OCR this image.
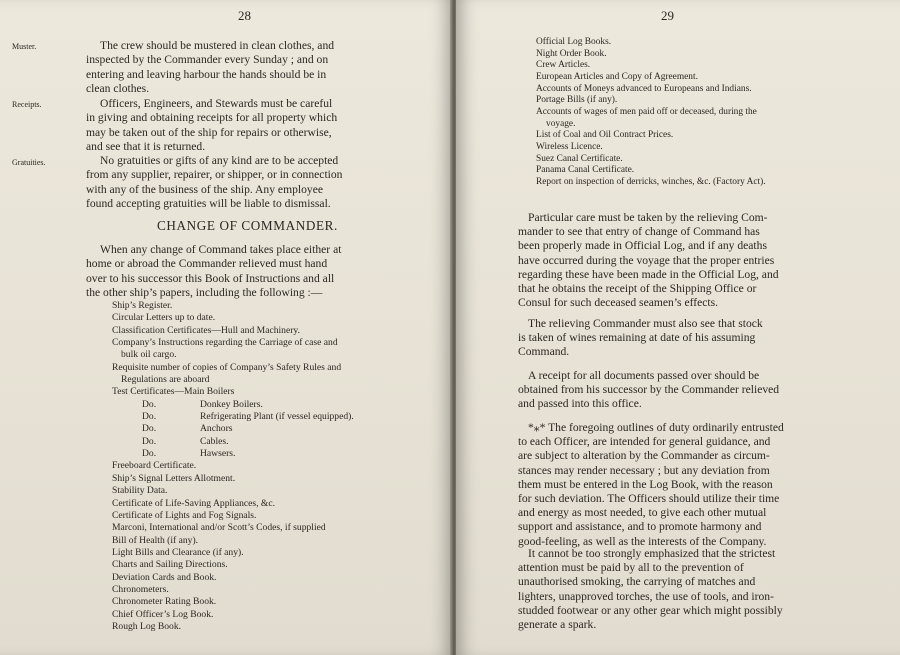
28
Muster.
Receipts.
Gratuities.
The crew should be mustered in clean clothes, and
inspected by the Commander every Sunday ; and on
entering and leaving harbour the hands should be in
clean clothes.
Officers, Engineers, and Stewards must be careful
in giving and obtaining receipts for all property which
may be taken out of the ship for repairs or otherwise,
and see that it is returned.
No gratuities or gifts of any kind are to be accepted
from any supplier, repairer, or shipper, or in connection
with any of the business of the ship. Any employee
found accepting gratuities will be liable to dismissal.
CHANGE OF COMMANDER.
When any change of Command takes place either at
home or abroad the Commander relieved must hand
over to his successor this Book of Instructions and all
the other ship’s papers, including the following :—
Ship’s Register.
Circular Letters up to date.
Classification Certificates—Hull and Machinery.
Company’s Instructions regarding the Carriage of case and
bulk oil cargo.
Requisite number of copies of Company’s Safety Rules and
Regulations are aboard
Test Certificates—Main Boilers
Do.	Donkey Boilers.
Do.	Refrigerating Plant (if vessel equipped).
Do.	Anchors
Do.	Cables.
Do.	Hawsers.
Freeboard Certificate.
Ship’s Signal Letters Allotment.
Stability Data.
Certificate of Life-Saving Appliances, &c.
Certificate of Lights and Fog Signals.
Marconi, International and/or Scott’s Codes, if supplied
Bill of Health (if any).
Light Bills and Clearance (if any).
Charts and Sailing Directions.
Deviation Cards and Book.
Chronometers.
Chronometer Rating Book.
Chief Officer’s Log Book.
Rough Log Book.
29
Official Log Books.
Night Order Book.
Crew Articles.
European Articles and Copy of Agreement.
Accounts of Moneys advanced to Europeans and Indians.
Portage Bills (if any).
Accounts of wages of men paid off or deceased, during the
voyage.
List of Coal and Oil Contract Prices.
Wireless Licence.
Suez Canal Certificate.
Panama Canal Certificate.
Report on inspection of derricks, winches, &c. (Factory Act).
Particular care must be taken by the relieving Com-
mander to see that entry of change of Command has
been properly made in Official Log, and if any deaths
have occurred during the voyage that the proper entries
regarding these have been made in the Official Log, and
that he obtains the receipt of the Shipping Office or
Consul for such deceased seamen’s effects.
The relieving Commander must also see that stock
is taken of wines remaining at date of his assuming
Command.
A receipt for all documents passed over should be
obtained from his successor by the Commander relieved
and passed into this office.
*⁎* The foregoing outlines of duty ordinarily entrusted
to each Officer, are intended for general guidance, and
are subject to alteration by the Commander as circum-
stances may render necessary ; but any deviation from
them must be entered in the Log Book, with the reason
for such deviation. The Officers should utilize their time
and energy as most needed, to give each other mutual
support and assistance, and to promote harmony and
good-feeling, as well as the interests of the Company.
It cannot be too strongly emphasized that the strictest
attention must be paid by all to the prevention of
unauthorised smoking, the carrying of matches and
lighters, unapproved torches, the use of tools, and iron-
studded footwear or any other gear which might possibly
generate a spark.
